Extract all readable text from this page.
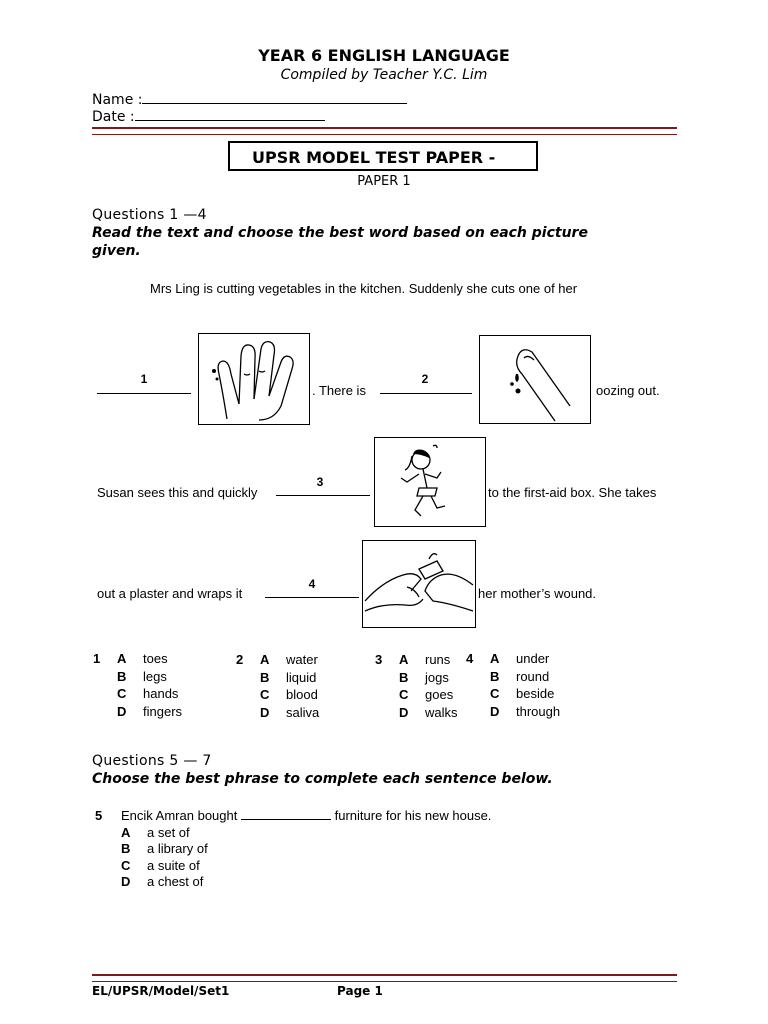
YEAR 6 ENGLISH LANGUAGE
Compiled by Teacher Y.C. Lim
Name :
Date :
UPSR MODEL TEST PAPER -
PAPER 1
Questions 1 —4
Read the text and choose the best word based on each picture
given.
Mrs Ling is cutting vegetables in the kitchen. Suddenly she cuts one of her
1
. There is
2
oozing out.
Susan sees this and quickly
3
to the first-aid box. She takes
out a plaster and wraps it
4
her mother’s wound.
1 A toes
B legs
C hands
D fingers
2 A water
B liquid
C blood
D saliva
3 A runs
B jogs
C goes
D walks
4 A under
B round
C beside
D through
Questions 5 — 7
Choose the best phrase to complete each sentence below.
5 Encik Amran bought	furniture for his new house.
A a set of
B a library of
C a suite of
D a chest of
EL/UPSR/Model/Set1	Page 1
